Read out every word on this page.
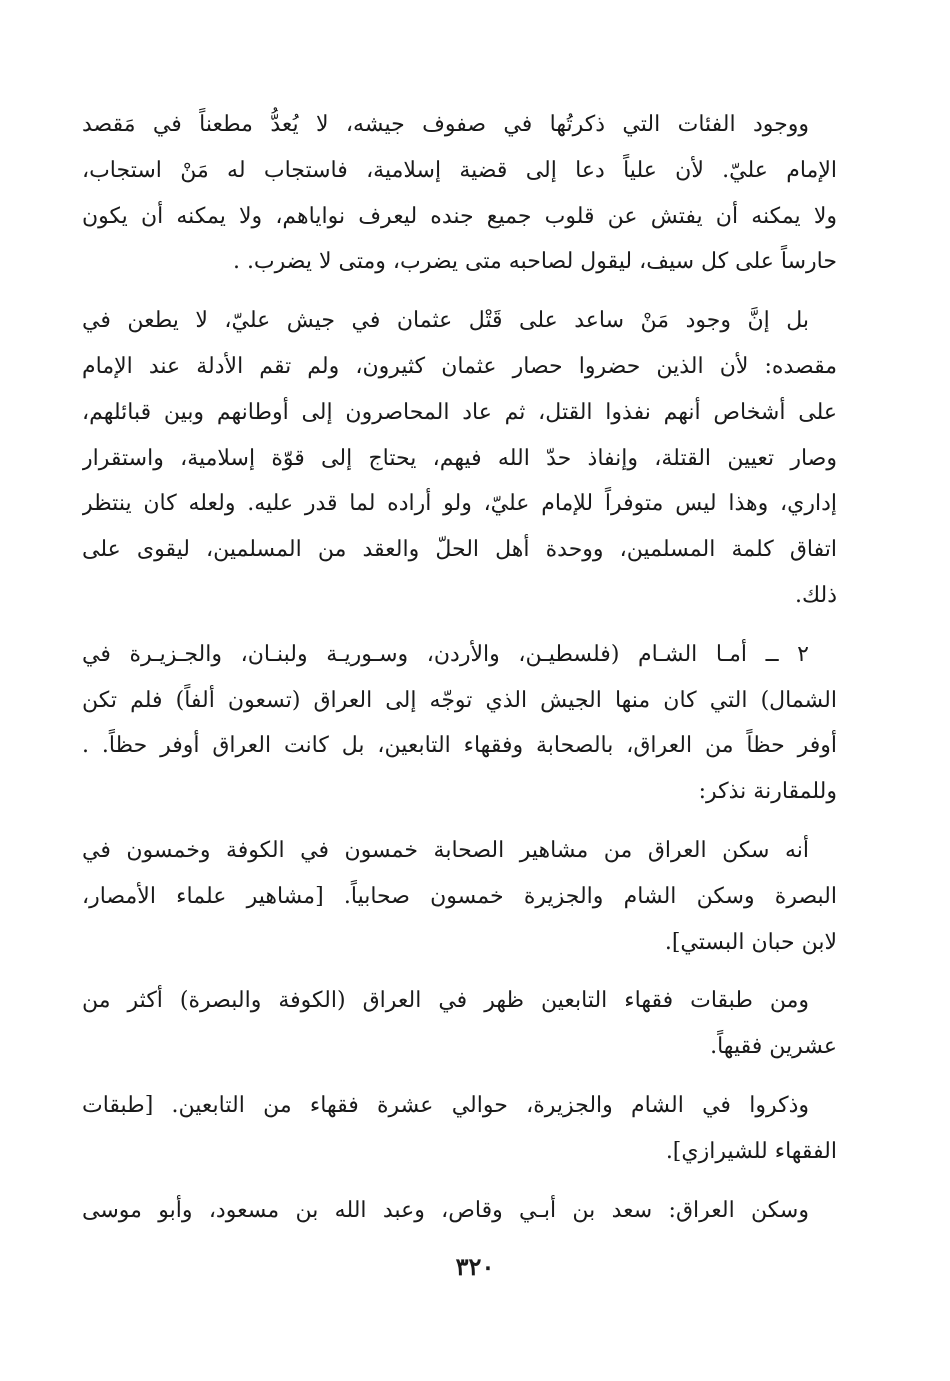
ووجود الفئات التي ذكرتُها في صفوف جيشه، لا يُعدُّ مطعناً في مَقصد
الإمام عليّ. لأن علياً دعا إلى قضية إسلامية، فاستجاب له مَنْ استجاب،
ولا يمكنه أن يفتش عن قلوب جميع جنده ليعرف نواياهم، ولا يمكنه أن يكون
حارساً على كل سيف، ليقول لصاحبه متى يضرب، ومتى لا يضرب. .
بل إنَّ وجود مَنْ ساعد على قَتْل عثمان في جيش عليّ، لا يطعن في
مقصده: لأن الذين حضروا حصار عثمان كثيرون، ولم تقم الأدلة عند الإمام
على أشخاص أنهم نفذوا القتل، ثم عاد المحاصرون إلى أوطانهم وبين قبائلهم،
وصار تعيين القتلة، وإنفاذ حدّ الله فيهم، يحتاج إلى قوّة إسلامية، واستقرار
إداري، وهذا ليس متوفراً للإمام عليّ، ولو أراده لما قدر عليه. ولعله كان ينتظر
اتفاق كلمة المسلمين، ووحدة أهل الحلّ والعقد من المسلمين، ليقوى على
ذلك.
٢ ــ أمـا الشـام (فلسطيـن، والأردن، وسـوريـة ولبنـان، والجـزيـرة في
الشمال) التي كان منها الجيش الذي توجّه إلى العراق (تسعون ألفاً) فلم تكن
أوفر حظاً من العراق، بالصحابة وفقهاء التابعين، بل كانت العراق أوفر حظاً. .
وللمقارنة نذكر:
أنه سكن العراق من مشاهير الصحابة خمسون في الكوفة وخمسون في
البصرة وسكن الشام والجزيرة خمسون صحابياً. [مشاهير علماء الأمصار،
لابن حبان البستي].
ومن طبقات فقهاء التابعين ظهر في العراق (الكوفة والبصرة) أكثر من
عشرين فقيهاً.
وذكروا في الشام والجزيرة، حوالي عشرة فقهاء من التابعين. [طبقات
الفقهاء للشيرازي].
وسكن العراق: سعد بن أبـي وقاص، وعبد الله بن مسعود، وأبو موسى
٣٢٠
